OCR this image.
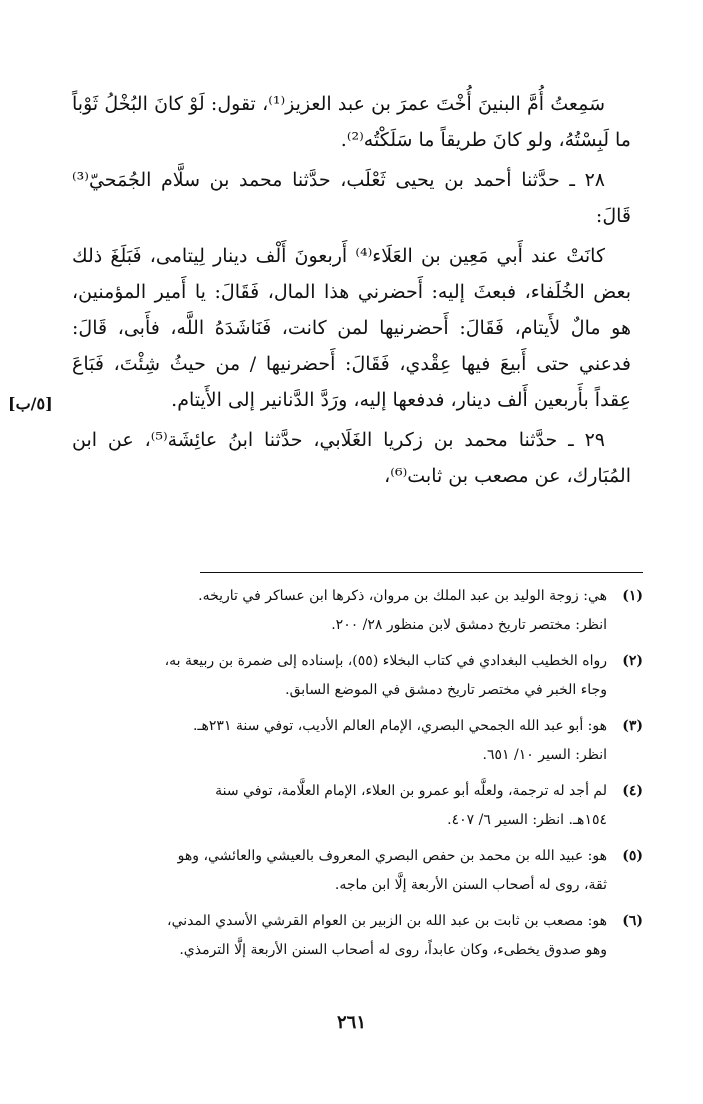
سَمِعتُ أُمَّ البنينَ أُخْتَ عمرَ بن عبد العزيز⁽¹⁾، تقول: لَوْ كانَ البُخْلُ ثَوْباً ما لَبِسْتُهُ، ولو كانَ طريقاً ما سَلَكْتُه⁽²⁾.

٢٨ ـ حدَّثنا أحمد بن يحيى ثَعْلَب، حدَّثنا محمد بن سلَّام الجُمَحيّ⁽³⁾ قَالَ:

كانَتْ عند أَبي مَعِين بن العَلَاء⁽⁴⁾ أَربعونَ أَلْف دينار لِيتامى، فَبَلَغَ ذلك بعض الخُلَفاء، فبعثَ إليه: أَحضرني هذا المال، فَقَالَ: يا أَمير المؤمنين، هو مالٌ لأَيتام، فَقَالَ: أَحضرنيها لمن كانت، فَنَاشَدَهُ اللَّه، فأَبى، قَالَ: فدعني حتى أَبيعَ فيها عِقْدي، فَقَالَ: أَحضرنيها / من حيثُ شِئْتَ، فَبَاعَ عِقداً بأَربعين أَلف دينار، فدفعها إليه، ورَدَّ الدَّنانير إلى الأَيتام.

٢٩ ـ حدَّثنا محمد بن زكريا الغَلَابي، حدَّثنا ابنُ عائِشَة⁽⁵⁾، عن ابن المُبَارك، عن مصعب بن ثابت⁽⁶⁾،

[٥/ب]
(١)
هي: زوجة الوليد بن عبد الملك بن مروان، ذكرها ابن عساكر في تاريخه.
انظر: مختصر تاريخ دمشق لابن منظور ٢٨/ ٢٠٠.
(٢)
رواه الخطيب البغدادي في كتاب البخلاء (٥٥)، بإسناده إلى ضمرة بن ربيعة به،
وجاء الخبر في مختصر تاريخ دمشق في الموضع السابق.
(٣)
هو: أبو عبد الله الجمحي البصري، الإمام العالم الأديب، توفي سنة ٢٣١هـ.
انظر: السير ١٠/ ٦٥١.
(٤)
لم أجد له ترجمة، ولعلَّه أبو عمرو بن العلاء، الإمام العلَّامة، توفي سنة
١٥٤هـ. انظر: السير ٦/ ٤٠٧.
(٥)
هو: عبيد الله بن محمد بن حفص البصري المعروف بالعيشي والعائشي، وهو
ثقة، روى له أصحاب السنن الأربعة إلَّا ابن ماجه.
(٦)
هو: مصعب بن ثابت بن عبد الله بن الزبير بن العوام القرشي الأسدي المدني،
وهو صدوق يخطىء، وكان عابداً، روى له أصحاب السنن الأربعة إلَّا الترمذي.
٢٦١
